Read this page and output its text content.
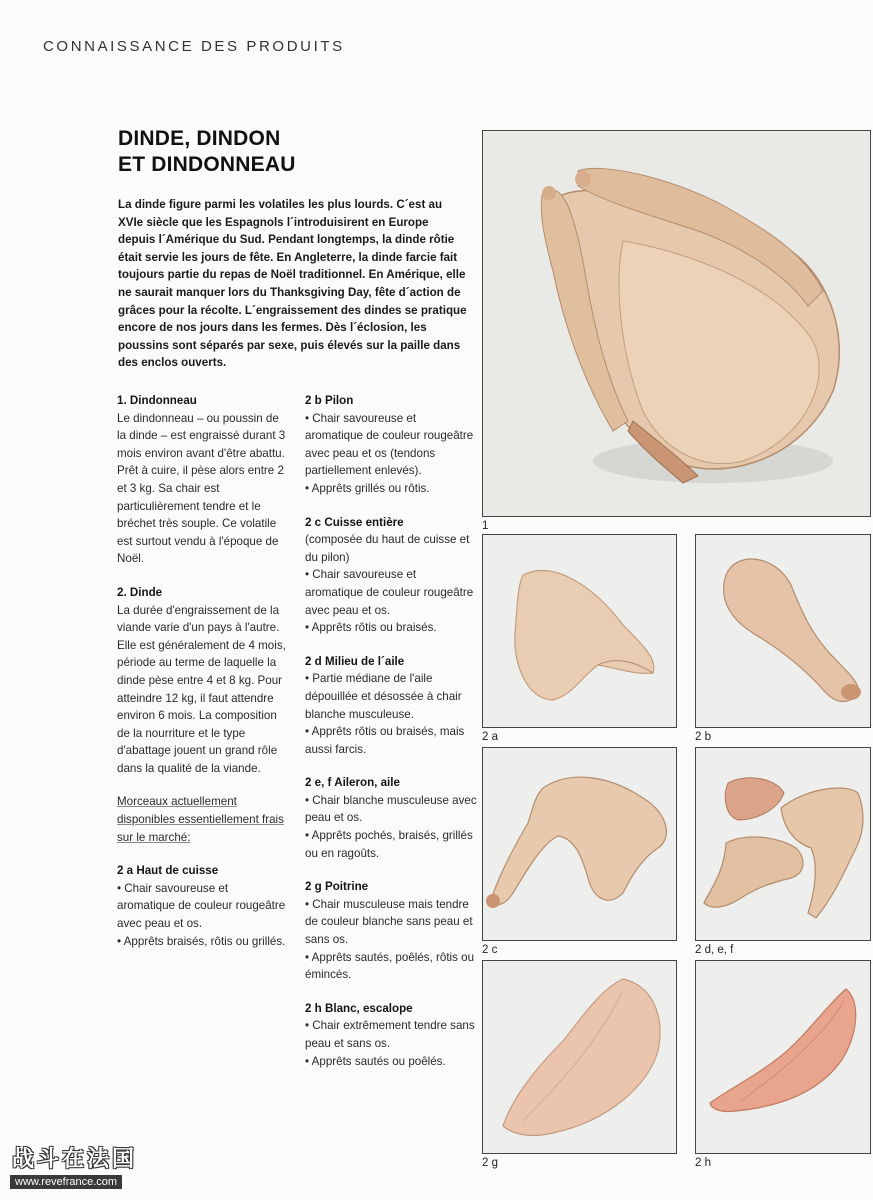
CONNAISSANCE DES PRODUITS
DINDE, DINDON
ET DINDONNEAU

La dinde figure parmi les volatiles les plus lourds. C´est au XVIe siècle que les Espagnols l´introduisirent en Europe depuis l´Amérique du Sud. Pendant longtemps, la dinde rôtie était servie les jours de fête. En Angleterre, la dinde farcie fait toujours partie du repas de Noël traditionnel. En Amérique, elle ne saurait manquer lors du Thanksgiving Day, fête d´action de grâces pour la récolte. L´engraissement des dindes se pratique encore de nos jours dans les fermes. Dès l´éclosion, les poussins sont séparés par sexe, puis élevés sur la paille dans des enclos ouverts.

1. Dindonneau
Le dindonneau – ou poussin de la dinde – est engraissé durant 3 mois environ avant d'être abattu. Prêt à cuire, il pèse alors entre 2 et 3 kg. Sa chair est particulièrement tendre et le bréchet très souple. Ce volatile est surtout vendu à l'époque de Noël.
2. Dinde
La durée d'engraissement de la viande varie d'un pays à l'autre. Elle est généralement de 4 mois, période au terme de laquelle la dinde pèse entre 4 et 8 kg. Pour atteindre 12 kg, il faut attendre environ 6 mois. La composition de la nourriture et le type d'abattage jouent un grand rôle dans la qualité de la viande.
Morceaux actuellement disponibles essentiellement frais sur le marché:
2 a Haut de cuisse
• Chair savoureuse et aromatique de couleur rougeâtre avec peau et os.
• Apprêts braisés, rôtis ou grillés.
2 b Pilon
• Chair savoureuse et aromatique de couleur rougeâtre avec peau et os (tendons partiellement enlevés).
• Apprêts grillés ou rôtis.
2 c Cuisse entière
(composée du haut de cuisse et du pilon)
• Chair savoureuse et aromatique de couleur rougeâtre avec peau et os.
• Apprêts rôtis ou braisés.
2 d Milieu de l´aile
• Partie médiane de l'aile dépouillée et désossée à chair blanche musculeuse.
• Apprêts rôtis ou braisés, mais aussi farcis.
2 e, f Aileron, aile
• Chair blanche musculeuse avec peau et os.
• Apprêts pochés, braisés, grillés ou en ragoûts.
2 g Poitrine
• Chair musculeuse mais tendre de couleur blanche sans peau et sans os.
• Apprêts sautés, poêlés, rôtis ou émincés.
2 h Blanc, escalope
• Chair extrêmement tendre sans peau et sans os.
• Apprêts sautés ou poêlés.
1
2 a	2 b
2 c	2 d, e, f
2 g	2 h
战斗在法国
www.revefrance.com
